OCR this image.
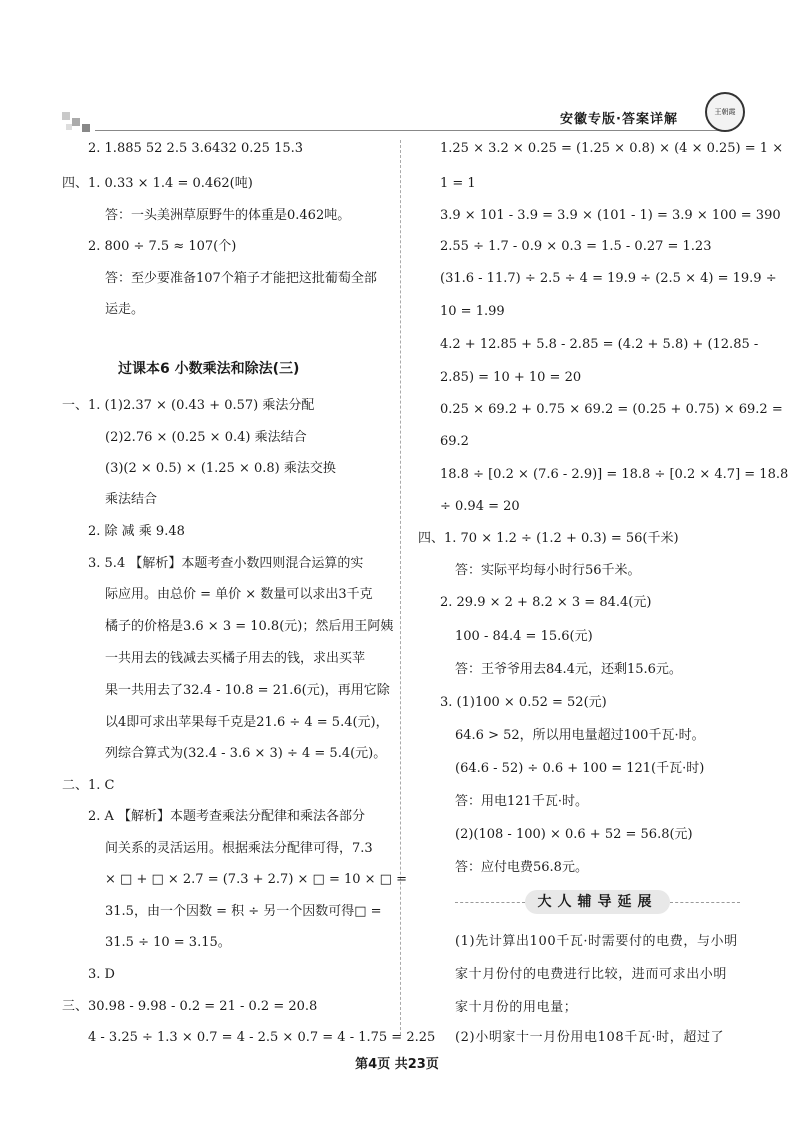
安徽专版·答案详解	王朝霞
2. 1.885 52 2.5 3.6432 0.25 15.3̇
四、1. 0.33 × 1.4 = 0.462(吨)
答：一头美洲草原野牛的体重是0.462吨。
2. 800 ÷ 7.5 ≈ 107(个)
答：至少要准备107个箱子才能把这批葡萄全部
运走。
过课本6 小数乘法和除法(三)
一、1. (1)2.37 × (0.43 + 0.57) 乘法分配
(2)2.76 × (0.25 × 0.4) 乘法结合
(3)(2 × 0.5) × (1.25 × 0.8) 乘法交换
乘法结合
2. 除 减 乘 9.48
3. 5.4 【解析】本题考查小数四则混合运算的实
际应用。由总价 = 单价 × 数量可以求出3千克
橘子的价格是3.6 × 3 = 10.8(元)；然后用王阿姨
一共用去的钱减去买橘子用去的钱，求出买苹
果一共用去了32.4 - 10.8 = 21.6(元)，再用它除
以4即可求出苹果每千克是21.6 ÷ 4 = 5.4(元)，
列综合算式为(32.4 - 3.6 × 3) ÷ 4 = 5.4(元)。
二、1. C
2. A 【解析】本题考查乘法分配律和乘法各部分
间关系的灵活运用。根据乘法分配律可得，7.3
× □ + □ × 2.7 = (7.3 + 2.7) × □ = 10 × □ =
31.5，由一个因数 = 积 ÷ 另一个因数可得□ =
31.5 ÷ 10 = 3.15。
3. D
三、30.98 - 9.98 - 0.2 = 21 - 0.2 = 20.8
4 - 3.25 ÷ 1.3 × 0.7 = 4 - 2.5 × 0.7 = 4 - 1.75 = 2.25
1.25 × 3.2 × 0.25 = (1.25 × 0.8) × (4 × 0.25) = 1 ×
1 = 1
3.9 × 101 - 3.9 = 3.9 × (101 - 1) = 3.9 × 100 = 390
2.55 ÷ 1.7 - 0.9 × 0.3 = 1.5 - 0.27 = 1.23
(31.6 - 11.7) ÷ 2.5 ÷ 4 = 19.9 ÷ (2.5 × 4) = 19.9 ÷
10 = 1.99
4.2 + 12.85 + 5.8 - 2.85 = (4.2 + 5.8) + (12.85 -
2.85) = 10 + 10 = 20
0.25 × 69.2 + 0.75 × 69.2 = (0.25 + 0.75) × 69.2 =
69.2
18.8 ÷ [0.2 × (7.6 - 2.9)] = 18.8 ÷ [0.2 × 4.7] = 18.8
÷ 0.94 = 20
四、1. 70 × 1.2 ÷ (1.2 + 0.3) = 56(千米)
答：实际平均每小时行56千米。
2. 29.9 × 2 + 8.2 × 3 = 84.4(元)
100 - 84.4 = 15.6(元)
答：王爷爷用去84.4元，还剩15.6元。
3. (1)100 × 0.52 = 52(元)
64.6 > 52，所以用电量超过100千瓦·时。
(64.6 - 52) ÷ 0.6 + 100 = 121(千瓦·时)
答：用电121千瓦·时。
(2)(108 - 100) × 0.6 + 52 = 56.8(元)
答：应付电费56.8元。
大人辅导延展
(1)先计算出100千瓦·时需要付的电费，与小明
家十月份付的电费进行比较，进而可求出小明
家十月份的用电量；
(2)小明家十一月份用电108千瓦·时，超过了
第4页 共23页
